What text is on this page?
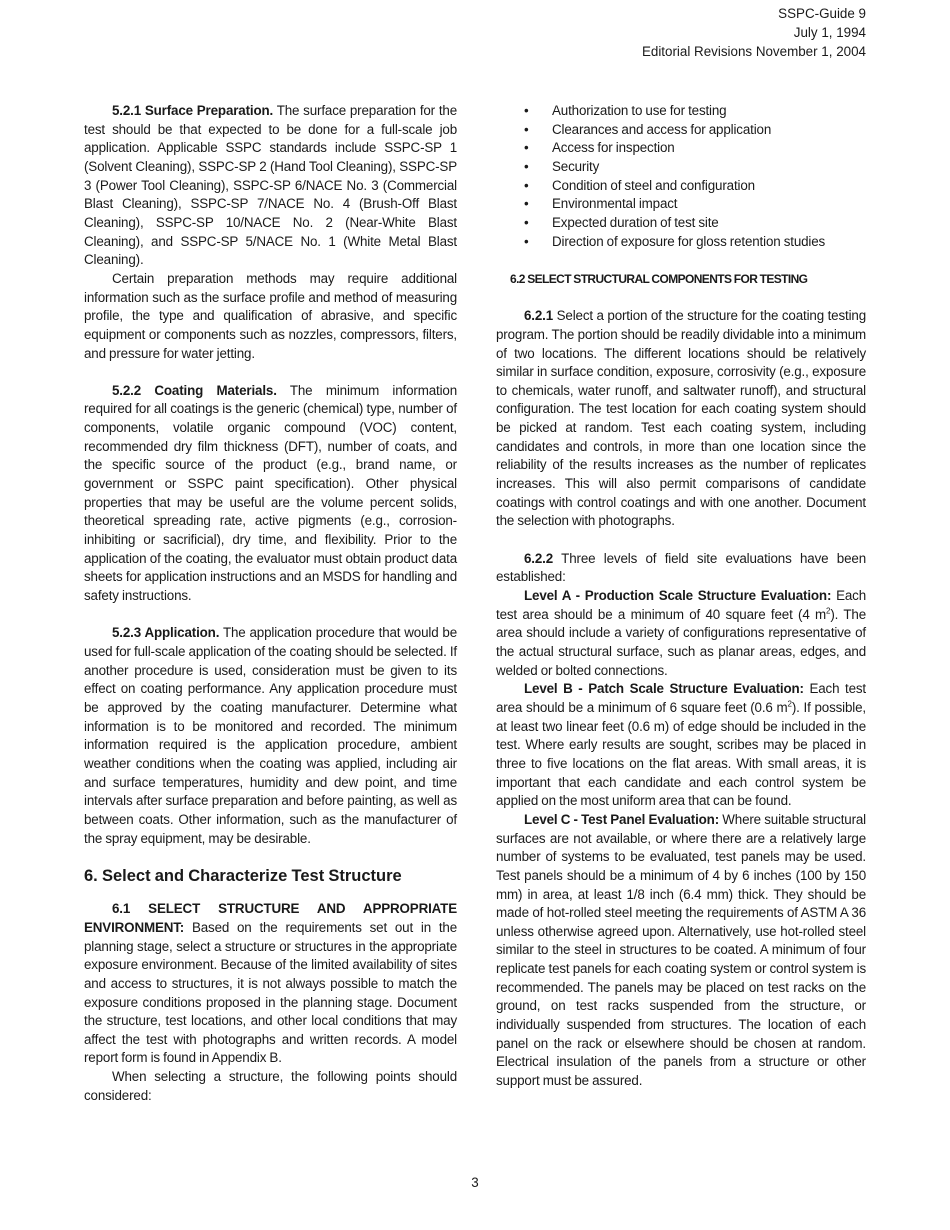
SSPC-Guide 9
July 1, 1994
Editorial Revisions November 1, 2004

5.2.1 Surface Preparation. The surface preparation for the test should be that expected to be done for a full-scale job application. Applicable SSPC standards include SSPC-SP 1 (Solvent Cleaning), SSPC-SP 2 (Hand Tool Cleaning), SSPC-SP 3 (Power Tool Cleaning), SSPC-SP 6/NACE No. 3 (Commercial Blast Cleaning), SSPC-SP 7/NACE No. 4 (Brush-Off Blast Cleaning), SSPC-SP 10/NACE No. 2 (Near-White Blast Cleaning), and SSPC-SP 5/NACE No. 1 (White Metal Blast Cleaning).

Certain preparation methods may require additional information such as the surface profile and method of measuring profile, the type and qualification of abrasive, and specific equipment or components such as nozzles, compressors, filters, and pressure for water jetting.

5.2.2 Coating Materials. The minimum information required for all coatings is the generic (chemical) type, number of components, volatile organic compound (VOC) content, recommended dry film thickness (DFT), number of coats, and the specific source of the product (e.g., brand name, or government or SSPC paint specification). Other physical properties that may be useful are the volume percent solids, theoretical spreading rate, active pigments (e.g., corrosion-inhibiting or sacrificial), dry time, and flexibility. Prior to the application of the coating, the evaluator must obtain product data sheets for application instructions and an MSDS for handling and safety instructions.

5.2.3 Application. The application procedure that would be used for full-scale application of the coating should be selected. If another procedure is used, consideration must be given to its effect on coating performance. Any application procedure must be approved by the coating manufacturer. Determine what information is to be monitored and recorded. The minimum information required is the application procedure, ambient weather conditions when the coating was applied, including air and surface temperatures, humidity and dew point, and time intervals after surface preparation and before painting, as well as between coats. Other information, such as the manufacturer of the spray equipment, may be desirable.

6. Select and Characterize Test Structure

6.1 SELECT STRUCTURE AND APPROPRIATE ENVIRONMENT: Based on the requirements set out in the planning stage, select a structure or structures in the appropriate exposure environment. Because of the limited availability of sites and access to structures, it is not always possible to match the exposure conditions proposed in the planning stage. Document the structure, test locations, and other local conditions that may affect the test with photographs and written records. A model report form is found in Appendix B.

When selecting a structure, the following points should considered:

• Authorization to use for testing
• Clearances and access for application
• Access for inspection
• Security
• Condition of steel and configuration
• Environmental impact
• Expected duration of test site
• Direction of exposure for gloss retention studies
6.2 SELECT STRUCTURAL COMPONENTS FOR TESTING

6.2.1 Select a portion of the structure for the coating testing program. The portion should be readily dividable into a minimum of two locations. The different locations should be relatively similar in surface condition, exposure, corrosivity (e.g., exposure to chemicals, water runoff, and saltwater runoff), and structural configuration. The test location for each coating system should be picked at random. Test each coating system, including candidates and controls, in more than one location since the reliability of the results increases as the number of replicates increases. This will also permit comparisons of candidate coatings with control coatings and with one another. Document the selection with photographs.

6.2.2 Three levels of field site evaluations have been established:

Level A - Production Scale Structure Evaluation: Each test area should be a minimum of 40 square feet (4 $m^2$). The area should include a variety of configurations representative of the actual structural surface, such as planar areas, edges, and welded or bolted connections.

Level B - Patch Scale Structure Evaluation: Each test area should be a minimum of 6 square feet (0.6 $m^2$). If possible, at least two linear feet (0.6 m) of edge should be included in the test. Where early results are sought, scribes may be placed in three to five locations on the flat areas. With small areas, it is important that each candidate and each control system be applied on the most uniform area that can be found.

Level C - Test Panel Evaluation: Where suitable structural surfaces are not available, or where there are a relatively large number of systems to be evaluated, test panels may be used. Test panels should be a minimum of 4 by 6 inches (100 by 150 mm) in area, at least 1/8 inch (6.4 mm) thick. They should be made of hot-rolled steel meeting the requirements of ASTM A 36 unless otherwise agreed upon. Alternatively, use hot-rolled steel similar to the steel in structures to be coated. A minimum of four replicate test panels for each coating system or control system is recommended. The panels may be placed on test racks on the ground, on test racks suspended from the structure, or individually suspended from structures. The location of each panel on the rack or elsewhere should be chosen at random. Electrical insulation of the panels from a structure or other support must be assured.

3
